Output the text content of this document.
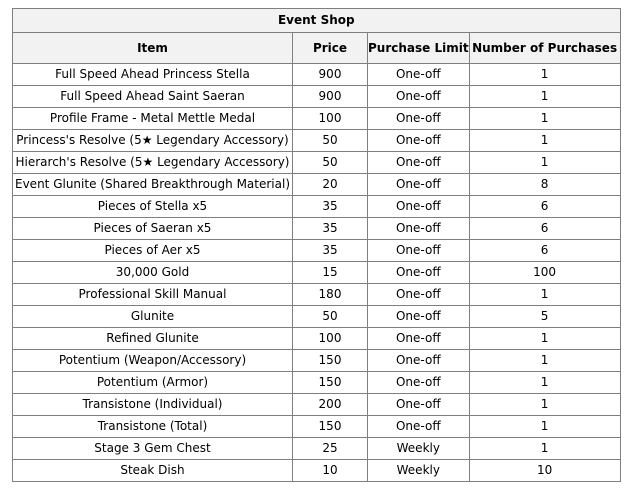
Event Shop			
Item	Price	Purchase Limit	Number of Purchases
Full Speed Ahead Princess Stella	900	One-off	1
Full Speed Ahead Saint Saeran	900	One-off	1
Profile Frame - Metal Mettle Medal	100	One-off	1
Princess's Resolve (5★ Legendary Accessory)	50	One-off	1
Hierarch's Resolve (5★ Legendary Accessory)	50	One-off	1
Event Glunite (Shared Breakthrough Material)	20	One-off	8
Pieces of Stella x5	35	One-off	6
Pieces of Saeran x5	35	One-off	6
Pieces of Aer x5	35	One-off	6
30,000 Gold	15	One-off	100
Professional Skill Manual	180	One-off	1
Glunite	50	One-off	5
Refined Glunite	100	One-off	1
Potentium (Weapon/Accessory)	150	One-off	1
Potentium (Armor)	150	One-off	1
Transistone (Individual)	200	One-off	1
Transistone (Total)	150	One-off	1
Stage 3 Gem Chest	25	Weekly	1
Steak Dish	10	Weekly	10
